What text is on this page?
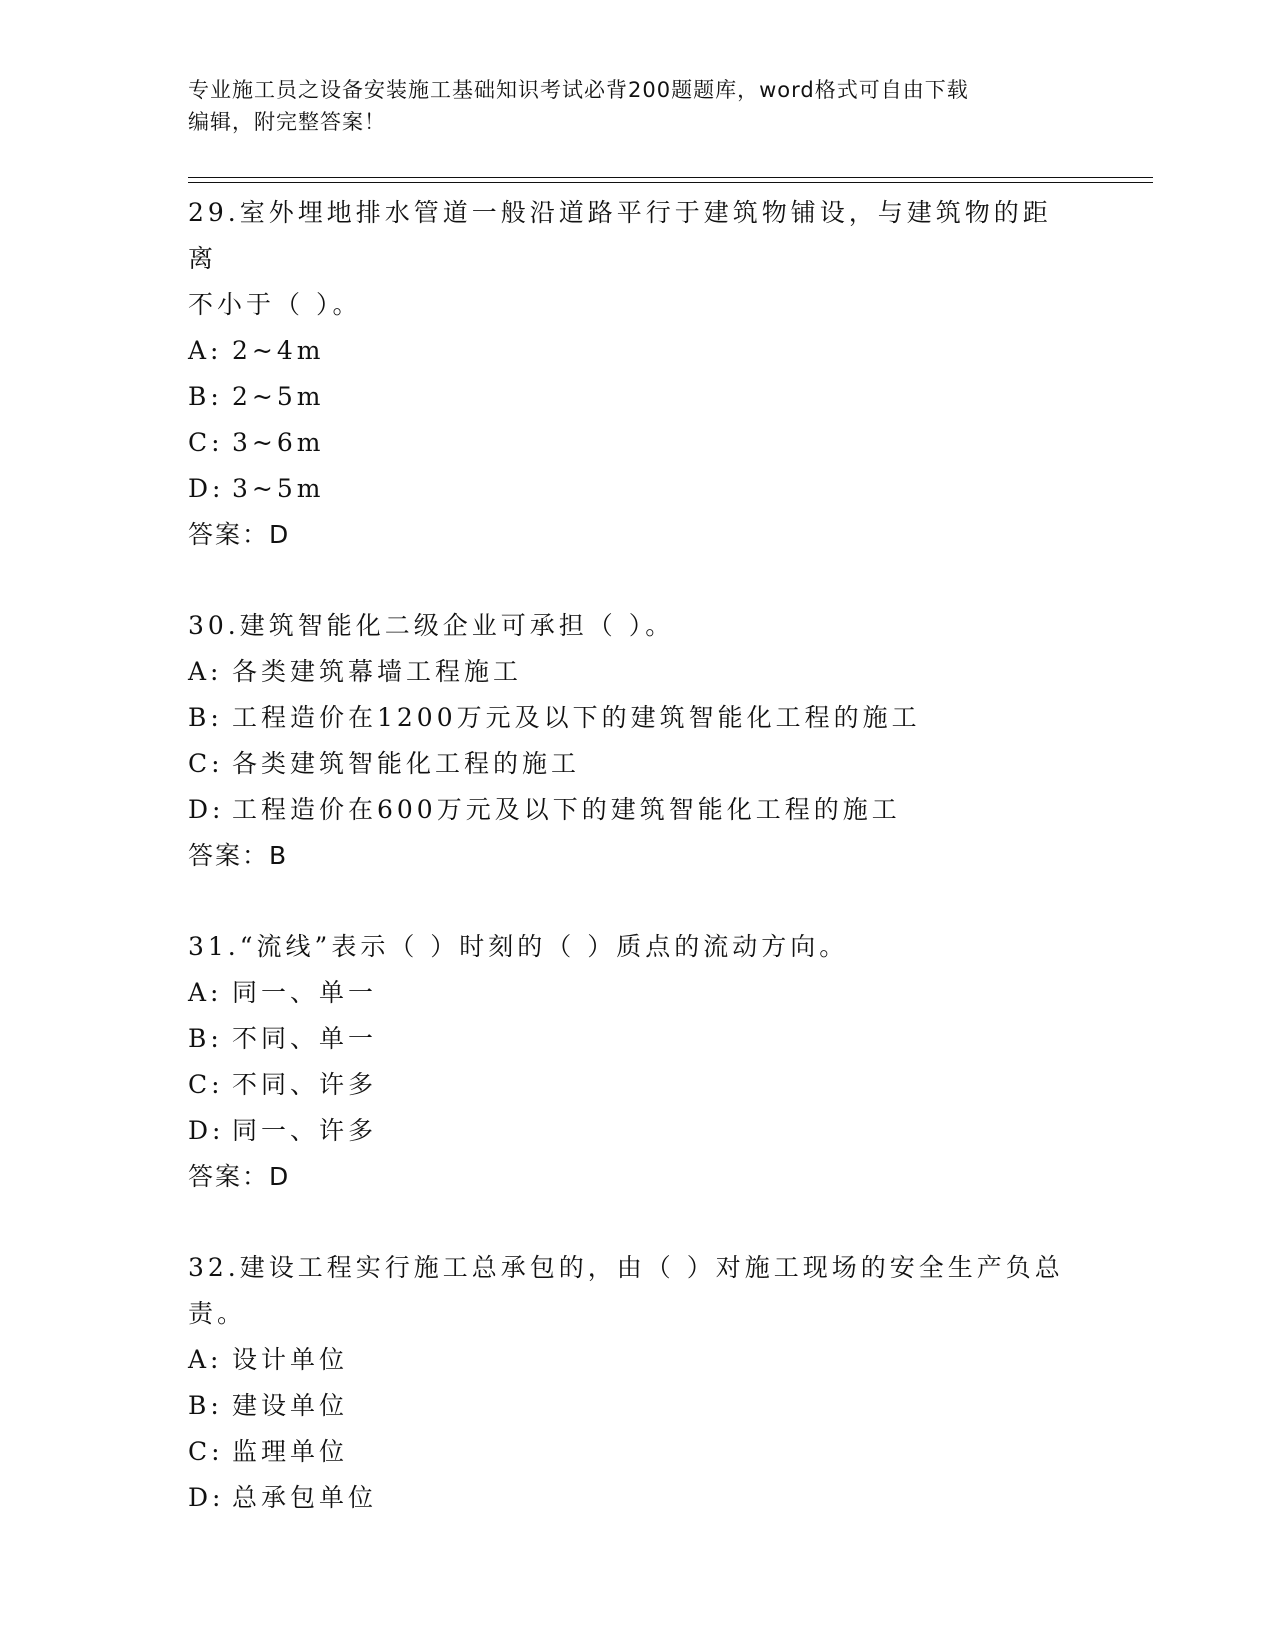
专业施工员之设备安装施工基础知识考试必背200题题库，word格式可自由下载
编辑，附完整答案！

29.室外埋地排水管道一般沿道路平行于建筑物铺设，与建筑物的距离

不小于（ ）。

A: 2~4m

B: 2~5m

C: 3~6m

D: 3~5m

答案：D

30.建筑智能化二级企业可承担（ ）。

A: 各类建筑幕墙工程施工

B: 工程造价在1200万元及以下的建筑智能化工程的施工

C: 各类建筑智能化工程的施工

D: 工程造价在600万元及以下的建筑智能化工程的施工

答案：B

31.“流线”表示（ ）时刻的（ ）质点的流动方向。

A: 同一、单一

B: 不同、单一

C: 不同、许多

D: 同一、许多

答案：D

32.建设工程实行施工总承包的，由（ ）对施工现场的安全生产负总

责。

A: 设计单位

B: 建设单位

C: 监理单位

D: 总承包单位
